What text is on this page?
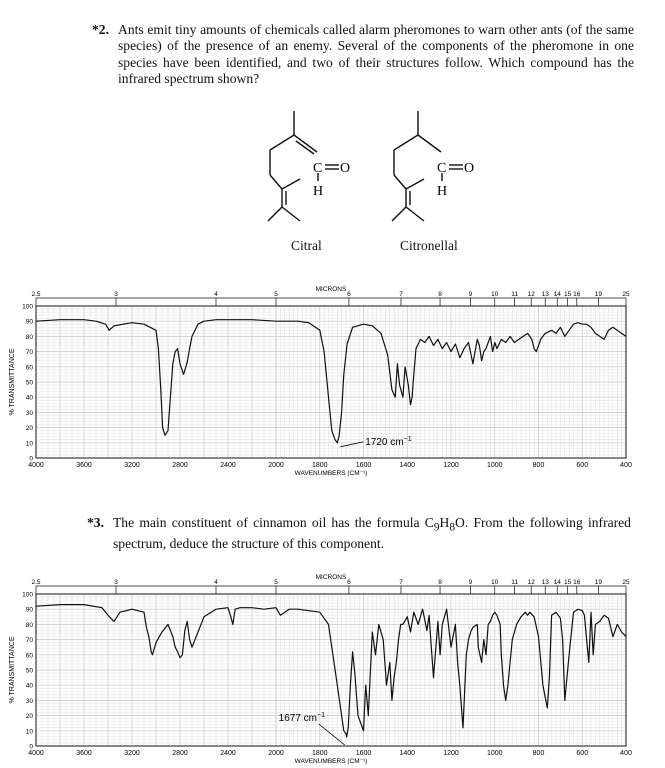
*2. Ants emit tiny amounts of chemicals called alarm pheromones to warn other ants (of the same species) of the presence of an enemy. Several of the components of the pheromone in one species have been identified, and two of their structures follow. Which compound has the infrared spectrum shown?
C O
H
Citral
C O
H
Citronellal
MICRONS
2.5	3	4	5	6	7	8	9	10 11 12 13 14 15 16 19	25
0
10
20
30
40
50
60
70
80
90
100
% TRANSMITTANCE
4000	3600	3200	2800	2400	2000	1800	1600	1400	1200	1000	800	600	400
WAVENUMBERS (CM⁻¹)
1720 $cm^{-1}$
*3. The main constituent of cinnamon oil has the formula $C_9H_8O$. From the following infrared spectrum, deduce the structure of this component.
MICRONS
2.5	3	4	5	6	7	8	9	10 11 12 13 14 15 16 19	25
0
10
20
30
40
50
60
70
80
90
100
% TRANSMITTANCE
4000	3600	3200	2800	2400	2000	1800	1600	1400	1200	1000	800	600	400
WAVENUMBERS (CM⁻¹)
1677 $cm^{-1}$
